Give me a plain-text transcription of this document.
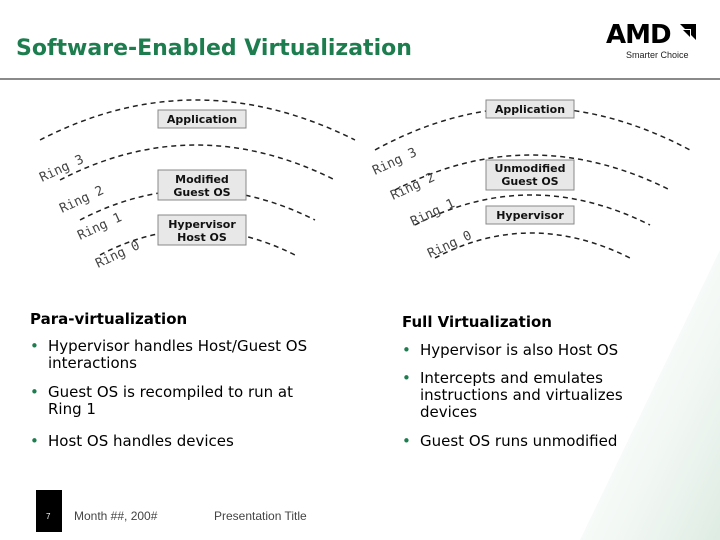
Software-Enabled Virtualization	AMD
Smarter Choice
Application
Modified
Guest OS
Hypervisor
Host OS
Ring 3
Ring 2
Ring 1
Ring 0
Application
Unmodified
Guest OS
Hypervisor
Ring 3
Ring 2
Ring 1
Ring 0
Para-virtualization
• Hypervisor handles Host/Guest OS
interactions
• Guest OS is recompiled to run at
Ring 1
• Host OS handles devices
Full Virtualization
• Hypervisor is also Host OS
• Intercepts and emulates
instructions and virtualizes
devices
• Guest OS runs unmodified
7 Month ##, 200#	Presentation Title
